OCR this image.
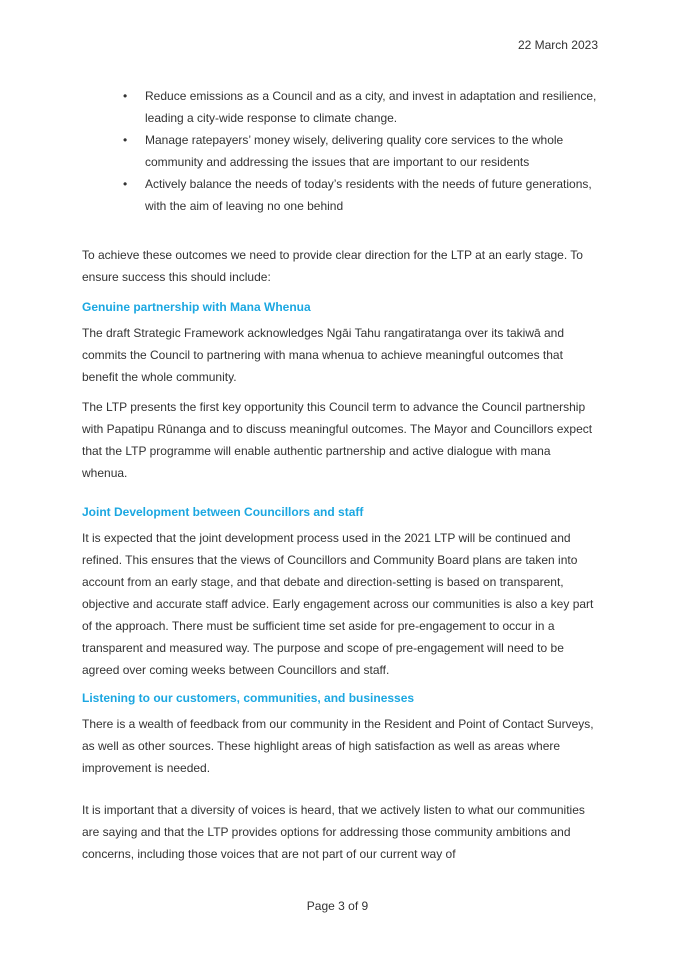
22 March 2023
• Reduce emissions as a Council and as a city, and invest in adaptation and resilience, leading a city-wide response to climate change.
• Manage ratepayers’ money wisely, delivering quality core services to the whole community and addressing the issues that are important to our residents
• Actively balance the needs of today’s residents with the needs of future generations, with the aim of leaving no one behind

To achieve these outcomes we need to provide clear direction for the LTP at an early stage. To ensure success this should include:

Genuine partnership with Mana Whenua

The draft Strategic Framework acknowledges Ngāi Tahu rangatiratanga over its takiwā and commits the Council to partnering with mana whenua to achieve meaningful outcomes that benefit the whole community.

The LTP presents the first key opportunity this Council term to advance the Council partnership with Papatipu Rūnanga and to discuss meaningful outcomes. The Mayor and Councillors expect that the LTP programme will enable authentic partnership and active dialogue with mana whenua.

Joint Development between Councillors and staff

It is expected that the joint development process used in the 2021 LTP will be continued and refined. This ensures that the views of Councillors and Community Board plans are taken into account from an early stage, and that debate and direction-setting is based on transparent, objective and accurate staff advice. Early engagement across our communities is also a key part of the approach. There must be sufficient time set aside for pre-engagement to occur in a transparent and measured way. The purpose and scope of pre-engagement will need to be agreed over coming weeks between Councillors and staff.

Listening to our customers, communities, and businesses

There is a wealth of feedback from our community in the Resident and Point of Contact Surveys, as well as other sources. These highlight areas of high satisfaction as well as areas where improvement is needed.

It is important that a diversity of voices is heard, that we actively listen to what our communities are saying and that the LTP provides options for addressing those community ambitions and concerns, including those voices that are not part of our current way of

Page 3 of 9
